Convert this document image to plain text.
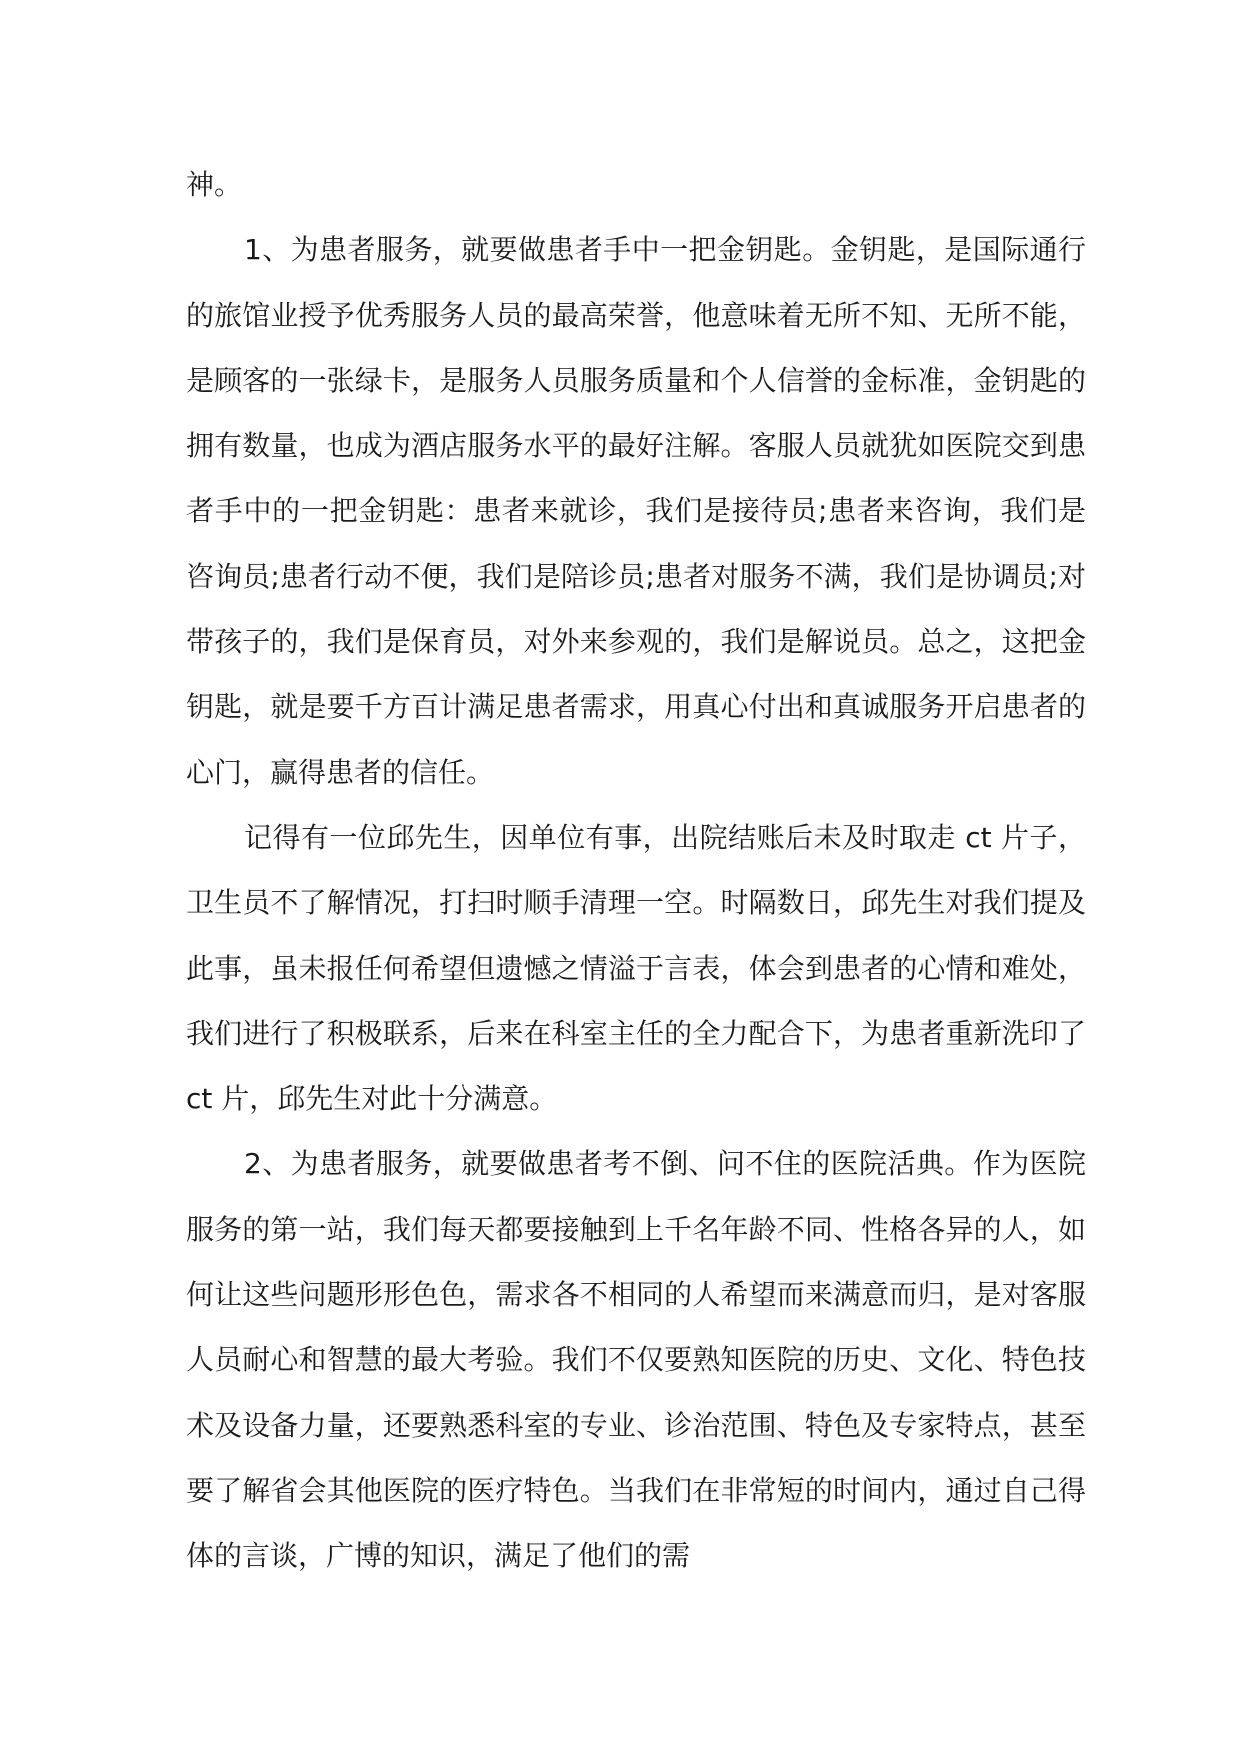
神。

1、为患者服务，就要做患者手中一把金钥匙。金钥匙，是国际通行的旅馆业授予优秀服务人员的最高荣誉，他意味着无所不知、无所不能，是顾客的一张绿卡，是服务人员服务质量和个人信誉的金标准，金钥匙的拥有数量，也成为酒店服务水平的最好注解。客服人员就犹如医院交到患者手中的一把金钥匙：患者来就诊，我们是接待员;患者来咨询，我们是咨询员;患者行动不便，我们是陪诊员;患者对服务不满，我们是协调员;对带孩子的，我们是保育员，对外来参观的，我们是解说员。总之，这把金钥匙，就是要千方百计满足患者需求，用真心付出和真诚服务开启患者的心门，赢得患者的信任。

记得有一位邱先生，因单位有事，出院结账后未及时取走 ct 片子，卫生员不了解情况，打扫时顺手清理一空。时隔数日，邱先生对我们提及此事，虽未报任何希望但遗憾之情溢于言表，体会到患者的心情和难处，我们进行了积极联系，后来在科室主任的全力配合下，为患者重新洗印了 ct 片，邱先生对此十分满意。

2、为患者服务，就要做患者考不倒、问不住的医院活典。作为医院服务的第一站，我们每天都要接触到上千名年龄不同、性格各异的人，如何让这些问题形形色色，需求各不相同的人希望而来满意而归，是对客服人员耐心和智慧的最大考验。我们不仅要熟知医院的历史、文化、特色技术及设备力量，还要熟悉科室的专业、诊治范围、特色及专家特点，甚至要了解省会其他医院的医疗特色。当我们在非常短的时间内，通过自己得体的言谈，广博的知识，满足了他们的需
